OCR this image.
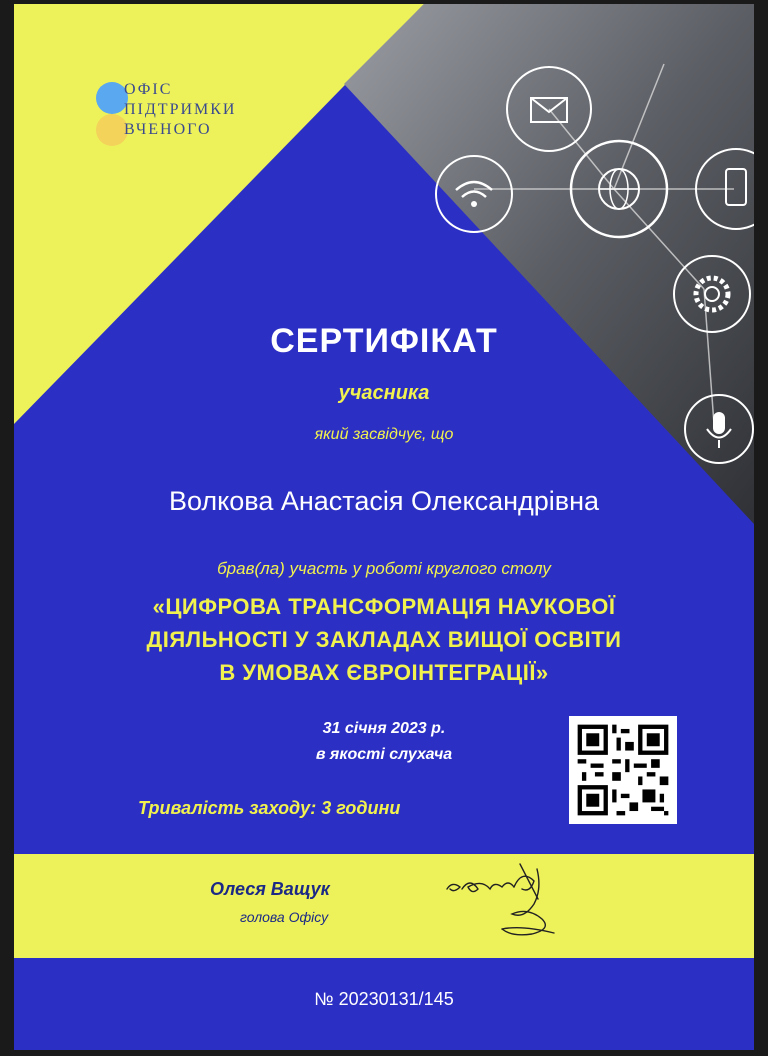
ОФІС
ПІДТРИМКИ
ВЧЕНОГО
СЕРТИФІКАТ
учасника
який засвідчує, що
Волкова Анастасія Олександрівна
брав(ла) участь у роботі круглого столу
«ЦИФРОВА ТРАНСФОРМАЦІЯ НАУКОВОЇ
ДІЯЛЬНОСТІ У ЗАКЛАДАХ ВИЩОЇ ОСВІТИ
В УМОВАХ ЄВРОІНТЕГРАЦІЇ»
31 січня 2023 р.
в якості слухача
Тривалість заходу: 3 години
Олеся Ващук
голова Офісу
№ 20230131/145
